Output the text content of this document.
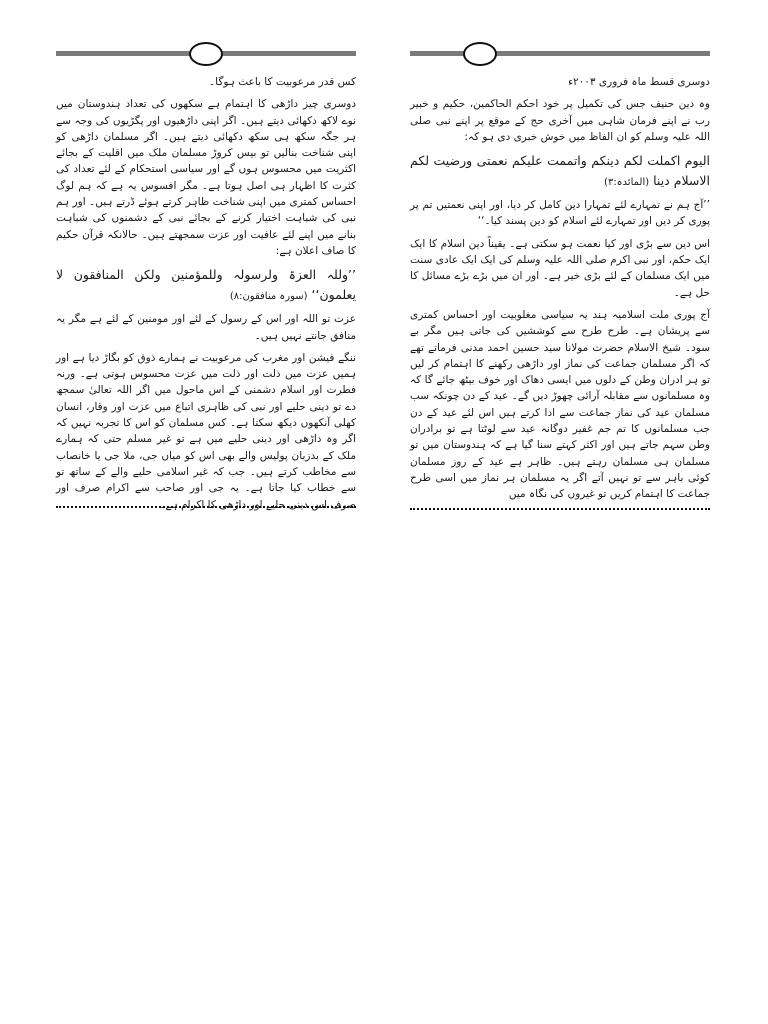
دوسری قسط ماہ فروری ۲۰۰۳ء

وہ دین حنیف جس کی تکمیل پر خود احکم الحاکمین، حکیم و خبیر رب نے اپنے فرمان شاہی میں آخری حج کے موقع پر اپنے نبی صلی اللہ علیہ وسلم کو ان الفاظ میں خوش خبری دی ہو کہ:

الیوم اکملت لکم دینکم واتممت علیکم نعمتی ورضیت لکم الاسلام دینا (المائدہ:۳)

’’آج ہم نے تمہارے لئے تمہارا دین کامل کر دیا، اور اپنی نعمتیں تم پر پوری کر دیں اور تمہارے لئے اسلام کو دین پسند کیا۔‘‘

اس دین سے بڑی اور کیا نعمت ہو سکتی ہے۔ یقیناً دین اسلام کا ایک ایک حکم، اور نبی اکرم صلی اللہ علیہ وسلم کی ایک ایک عادی سنت میں ایک مسلمان کے لئے بڑی خیر ہے۔ اور ان میں بڑے بڑے مسائل کا حل ہے۔

آج پوری ملت اسلامیہ ہند یہ سیاسی مغلوبیت اور احساس کمتری سے پریشان ہے۔ طرح طرح سے کوششیں کی جاتی ہیں مگر بے سود۔ شیخ الاسلام حضرت مولانا سید حسین احمد مدنی فرماتے تھے کہ اگر مسلمان جماعت کی نماز اور داڑھی رکھنے کا اہتمام کر لیں تو ہر ادران وطن کے دلوں میں ایسی دھاک اور خوف بیٹھ جائے گا کہ وہ مسلمانوں سے مقابلہ آرائی چھوڑ دیں گے۔ عید کے دن چونکہ سب مسلمان عید کی نماز جماعت سے ادا کرتے ہیں اس لئے عید کے دن جب مسلمانوں کا تم جم غفیر دوگانہ عید سے لوٹتا ہے تو برادران وطن سہم جاتے ہیں اور اکثر کہتے سنا گیا ہے کہ ہندوستان میں تو مسلمان ہی مسلمان رہتے ہیں۔ ظاہر ہے عید کے روز مسلمان کوئی باہر سے تو نہیں آتے اگر یہ مسلمان ہر نماز میں اسی طرح جماعت کا اہتمام کریں تو غیروں کی نگاہ میں

کس قدر مرعوبیت کا باعث ہوگا۔

دوسری چیز داڑھی کا اہتمام ہے سکھوں کی تعداد ہندوستان میں نوے لاکھ دکھائی دیتے ہیں۔ اگر اپنی داڑھیوں اور پگڑیوں کی وجہ سے ہر جگہ سکھ ہی سکھ دکھائی دیتے ہیں۔ اگر مسلمان داڑھی کو اپنی شناخت بنالیں تو بیس کروڑ مسلمان ملک میں اقلیت کے بجائے اکثریت میں محسوس ہوں گے اور سیاسی استحکام کے لئے تعداد کی کثرت کا اظہار ہی اصل ہوتا ہے۔ مگر افسوس یہ ہے کہ ہم لوگ احساس کمتری میں اپنی شناخت ظاہر کرتے ہوئے ڈرتے ہیں۔ اور ہم نبی کی شباہت اختیار کرنے کے بجائے نبی کے دشمنوں کی شباہت بنانے میں اپنے لئے عافیت اور عزت سمجھتے ہیں۔ حالانکہ قرآن حکیم کا صاف اعلان ہے:

’’وللہ العزۃ ولرسولہ وللمؤمنین ولکن المنافقون لا یعلمون‘‘ (سورہ منافقون:۸)

عزت تو اللہ اور اس کے رسول کے لئے اور مومنین کے لئے ہے مگر یہ منافق جانتے نہیں ہیں۔

ننگے فیشن اور مغرب کی مرعوبیت نے ہمارے ذوق کو بگاڑ دیا ہے اور ہمیں عزت میں ذلت اور ذلت میں عزت محسوس ہوتی ہے۔ ورنہ فطرت اور اسلام دشمنی کے اس ماحول میں اگر اللہ تعالیٰ سمجھ دے تو دینی حلیے اور نبی کی ظاہری اتباع میں عزت اور وقار، انسان کھلی آنکھوں دیکھ سکتا ہے۔ کس مسلمان کو اس کا تجربہ نہیں کہ اگر وہ داڑھی اور دینی حلیے میں ہے تو غیر مسلم حتی کہ ہمارے ملک کے بدزبان پولیس والے بھی اس کو میاں جی، ملا جی یا خانصاب سے مخاطب کرتے ہیں۔ جب کہ غیر اسلامی حلیے والے کے ساتھ تو سے خطاب کیا جاتا ہے۔ یہ جی اور صاحب سے اکرام صرف اور صرف اس دینی حلیے اور داڑھی کا اکرام ہے۔
